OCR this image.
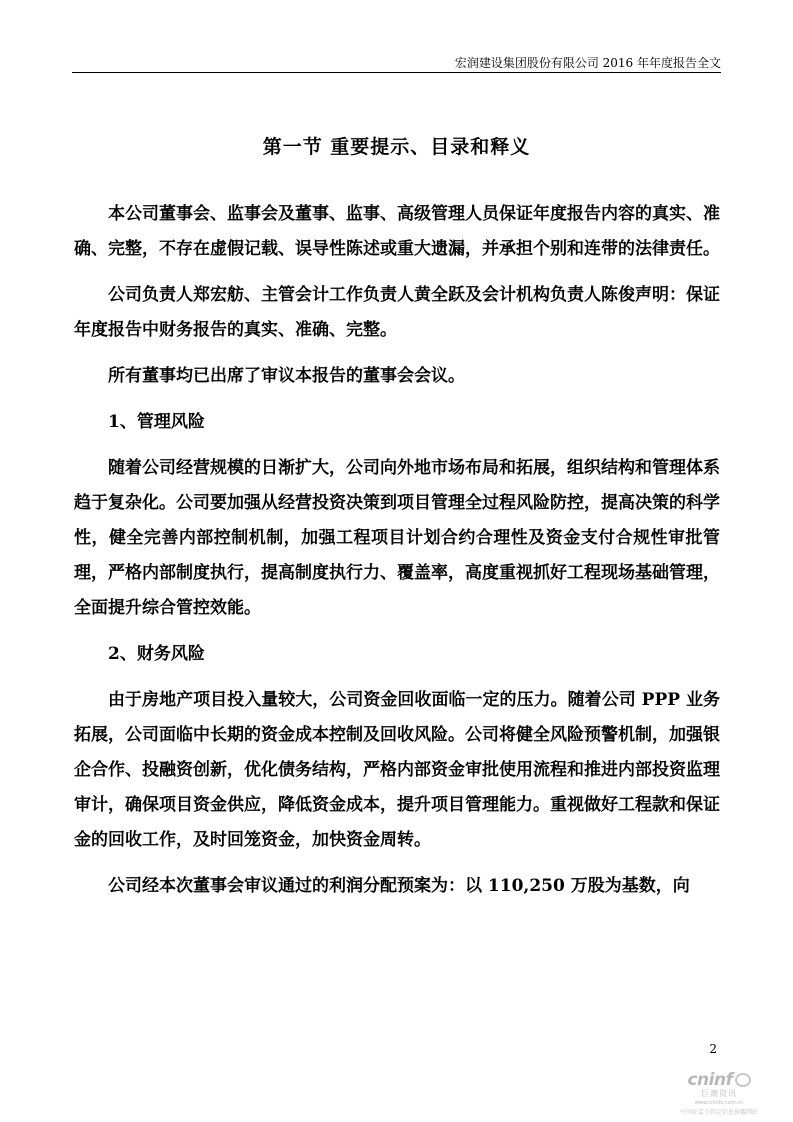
宏润建设集团股份有限公司 2016 年年度报告全文
第一节 重要提示、目录和释义

本公司董事会、监事会及董事、监事、高级管理人员保证年度报告内容的真实、准确、完整，不存在虚假记载、误导性陈述或重大遗漏，并承担个别和连带的法律责任。

公司负责人郑宏舫、主管会计工作负责人黄全跃及会计机构负责人陈俊声明：保证年度报告中财务报告的真实、准确、完整。

所有董事均已出席了审议本报告的董事会会议。

1、管理风险

随着公司经营规模的日渐扩大，公司向外地市场布局和拓展，组织结构和管理体系趋于复杂化。公司要加强从经营投资决策到项目管理全过程风险防控，提高决策的科学性，健全完善内部控制机制，加强工程项目计划合约合理性及资金支付合规性审批管理，严格内部制度执行，提高制度执行力、覆盖率，高度重视抓好工程现场基础管理，全面提升综合管控效能。

2、财务风险

由于房地产项目投入量较大，公司资金回收面临一定的压力。随着公司 PPP 业务拓展，公司面临中长期的资金成本控制及回收风险。公司将健全风险预警机制，加强银企合作、投融资创新，优化债务结构，严格内部资金审批使用流程和推进内部投资监理审计，确保项目资金供应，降低资金成本，提升项目管理能力。重视做好工程款和保证金的回收工作，及时回笼资金，加快资金周转。

公司经本次董事会审议通过的利润分配预案为：以 110,250 万股为基数，向

2
cninf
巨潮资讯
www.cninfo.com.cn
中国证监会指定信息披露网站
